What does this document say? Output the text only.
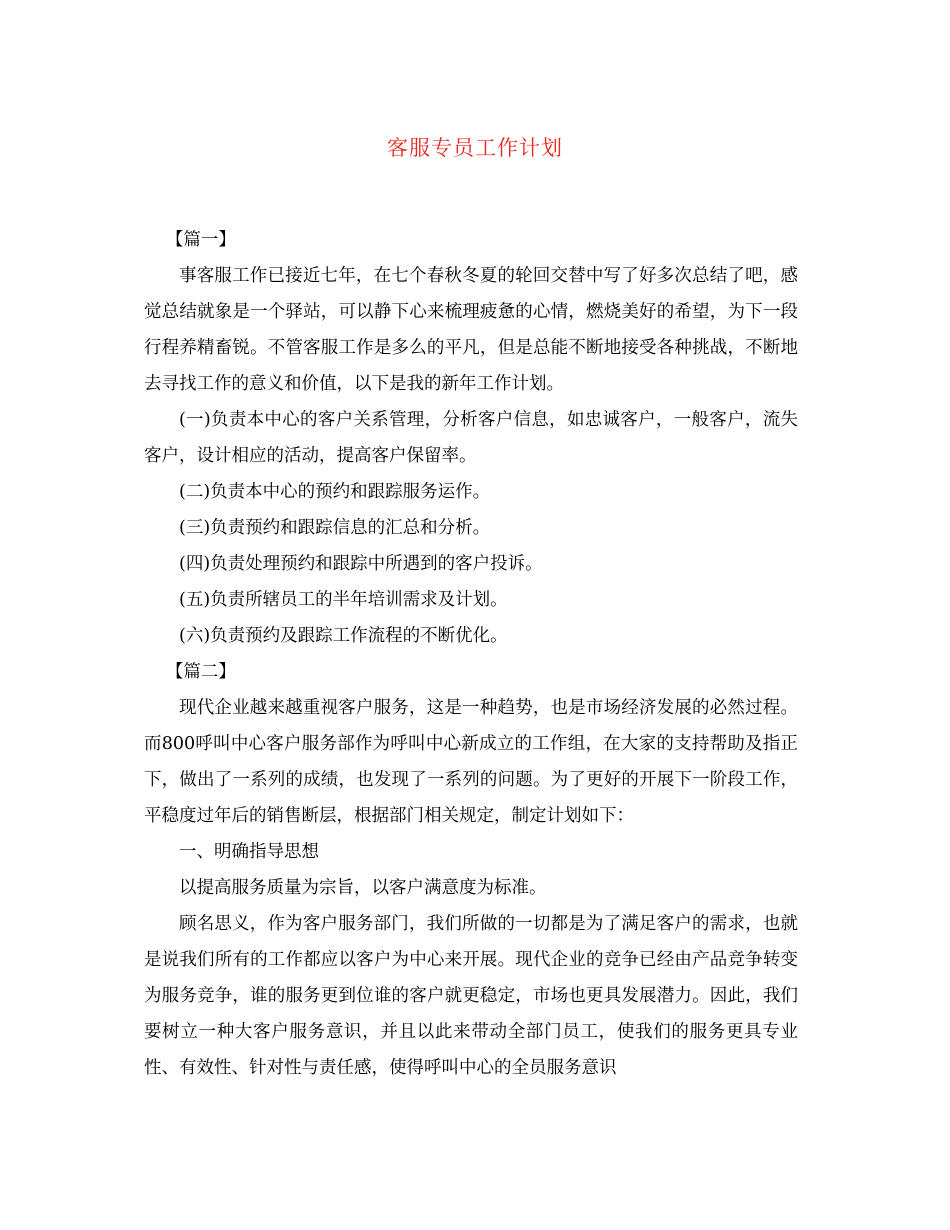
客服专员工作计划

【篇一】

事客服工作已接近七年，在七个春秋冬夏的轮回交替中写了好多次总结了吧，感觉总结就象是一个驿站，可以静下心来梳理疲惫的心情，燃烧美好的希望，为下一段行程养精畜锐。不管客服工作是多么的平凡，但是总能不断地接受各种挑战，不断地去寻找工作的意义和价值，以下是我的新年工作计划。

(一)负责本中心的客户关系管理，分析客户信息，如忠诚客户，一般客户，流失客户，设计相应的活动，提高客户保留率。

(二)负责本中心的预约和跟踪服务运作。

(三)负责预约和跟踪信息的汇总和分析。

(四)负责处理预约和跟踪中所遇到的客户投诉。

(五)负责所辖员工的半年培训需求及计划。

(六)负责预约及跟踪工作流程的不断优化。

【篇二】

现代企业越来越重视客户服务，这是一种趋势，也是市场经济发展的必然过程。而800呼叫中心客户服务部作为呼叫中心新成立的工作组，在大家的支持帮助及指正下，做出了一系列的成绩，也发现了一系列的问题。为了更好的开展下一阶段工作，平稳度过年后的销售断层，根据部门相关规定，制定计划如下：

一、明确指导思想

以提高服务质量为宗旨，以客户满意度为标准。

顾名思义，作为客户服务部门，我们所做的一切都是为了满足客户的需求，也就是说我们所有的工作都应以客户为中心来开展。现代企业的竞争已经由产品竞争转变为服务竞争，谁的服务更到位谁的客户就更稳定，市场也更具发展潜力。因此，我们要树立一种大客户服务意识，并且以此来带动全部门员工，使我们的服务更具专业性、有效性、针对性与责任感，使得呼叫中心的全员服务意识
